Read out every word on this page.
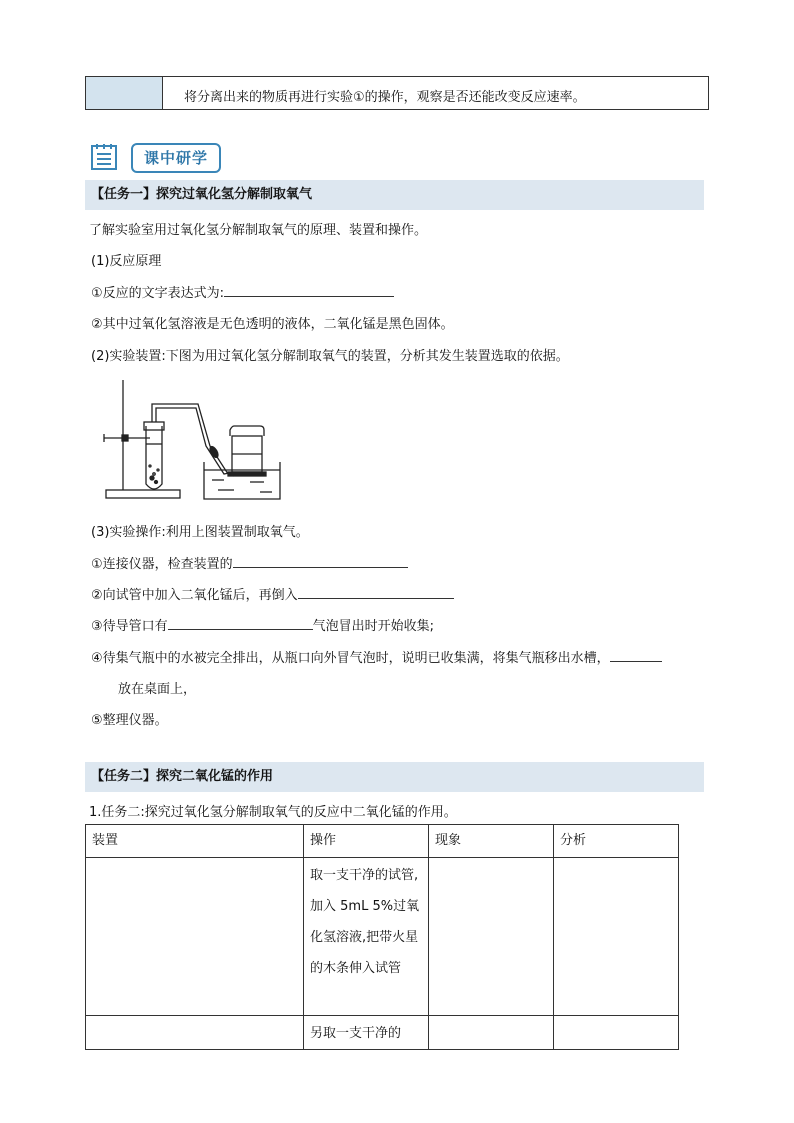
将分离出来的物质再进行实验①的操作，观察是否还能改变反应速率。
课中研学
【任务一】探究过氧化氢分解制取氧气
了解实验室用过氧化氢分解制取氧气的原理、装置和操作。
(1)反应原理
①反应的文字表达式为:
②其中过氧化氢溶液是无色透明的液体，二氧化锰是黑色固体。
(2)实验装置:下图为用过氧化氢分解制取氧气的装置，分析其发生装置选取的依据。
(3)实验操作:利用上图装置制取氧气。
①连接仪器，检查装置的
②向试管中加入二氧化锰后，再倒入
③待导管口有	气泡冒出时开始收集;
④待集气瓶中的水被完全排出，从瓶口向外冒气泡时，说明已收集满，将集气瓶移出水槽，
放在桌面上，
⑤整理仪器。
【任务二】探究二氧化锰的作用
1.任务二:探究过氧化氢分解制取氧气的反应中二氧化锰的作用。
装置	操作	现象	分析
	取一支干净的试管,加入 5mL 5%过氧化氢溶液,把带火星的木条伸入试管		
	另取一支干净的		
